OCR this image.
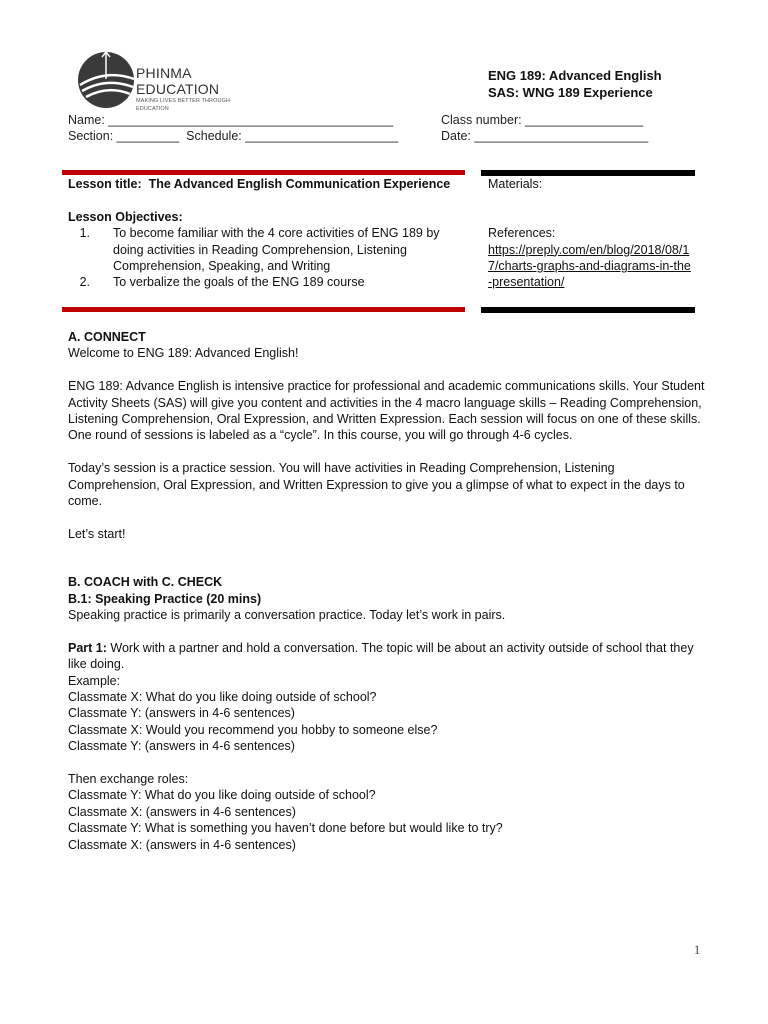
PHINMA EDUCATION
MAKING LIVES BETTER THROUGH EDUCATION
ENG 189: Advanced English
SAS: WNG 189 Experience
Name: _________________________________________	Class number: _________________
Section: _________  Schedule: ______________________	Date: _________________________
Lesson title: The Advanced English Communication Experience
Lesson Objectives:
1.	To become familiar with the 4 core activities of ENG 189 by doing activities in Reading Comprehension, Listening Comprehension, Speaking, and Writing
2.	To verbalize the goals of the ENG 189 course
Materials:
References:
https://preply.com/en/blog/2018/08/17/charts-graphs-and-diagrams-in-the-presentation/

A. CONNECT

Welcome to ENG 189: Advanced English!

ENG 189: Advance English is intensive practice for professional and academic communications skills. Your Student Activity Sheets (SAS) will give you content and activities in the 4 macro language skills – Reading Comprehension, Listening Comprehension, Oral Expression, and Written Expression. Each session will focus on one of these skills. One round of sessions is labeled as a “cycle”. In this course, you will go through 4-6 cycles.

Today’s session is a practice session. You will have activities in Reading Comprehension, Listening Comprehension, Oral Expression, and Written Expression to give you a glimpse of what to expect in the days to come.

Let’s start!

B. COACH with C. CHECK

B.1: Speaking Practice (20 mins)

Speaking practice is primarily a conversation practice. Today let’s work in pairs.

Part 1: Work with a partner and hold a conversation. The topic will be about an activity outside of school that they like doing.

Example:

Classmate X: What do you like doing outside of school?

Classmate Y: (answers in 4-6 sentences)

Classmate X: Would you recommend you hobby to someone else?

Classmate Y: (answers in 4-6 sentences)

Then exchange roles:

Classmate Y: What do you like doing outside of school?

Classmate X: (answers in 4-6 sentences)

Classmate Y: What is something you haven’t done before but would like to try?

Classmate X: (answers in 4-6 sentences)

1
